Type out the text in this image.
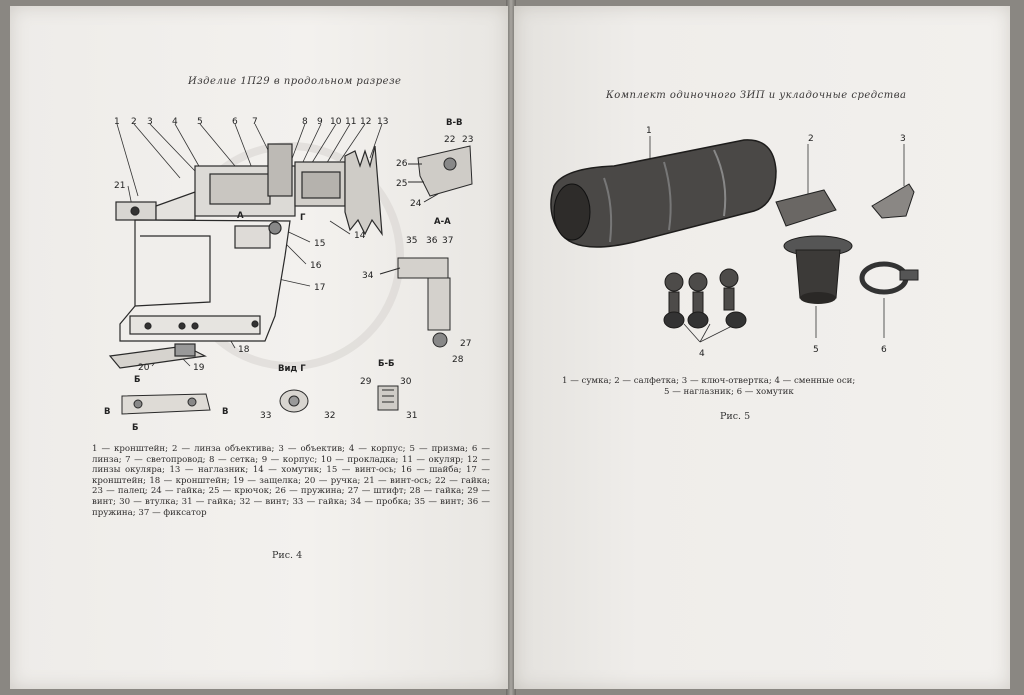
Изделие 1П29 в продольном разрезе
1 2 3 4 5	6 7	8 9 10 11 12 13
14
15
16
17
18
19
20
21
А	Г
В-В
22 23
26
25
24
А-А
35 36 37
34
27
28
Вид Г
33	32
Б-Б
29	30
31
Б
Б
В	В
1 — кронштейн; 2 — линза объектива; 3 — объектив; 4 — корпус; 5 — призма; 6 — линза; 7 — светопровод; 8 — сетка; 9 — корпус; 10 — прокладка; 11 — окуляр; 12 — линзы окуляра; 13 — наглазник; 14 — хомутик; 15 — винт-ось; 16 — шайба; 17 — кронштейн; 18 — кронштейн; 19 — защелка; 20 — ручка; 21 — винт-ось; 22 — гайка; 23 — палец; 24 — гайка; 25 — крючок; 26 — пружина; 27 — штифт; 28 — гайка; 29 — винт; 30 — втулка; 31 — гайка; 32 — винт; 33 — гайка; 34 — пробка; 35 — винт; 36 — пружина; 37 — фиксатор
Рис. 4
Комплект одиночного ЗИП и укладочные средства
1
2	3
4	5	6
1 — сумка; 2 — салфетка; 3 — ключ-отвертка; 4 — сменные оси;
5 — наглазник; 6 — хомутик
Рис. 5
